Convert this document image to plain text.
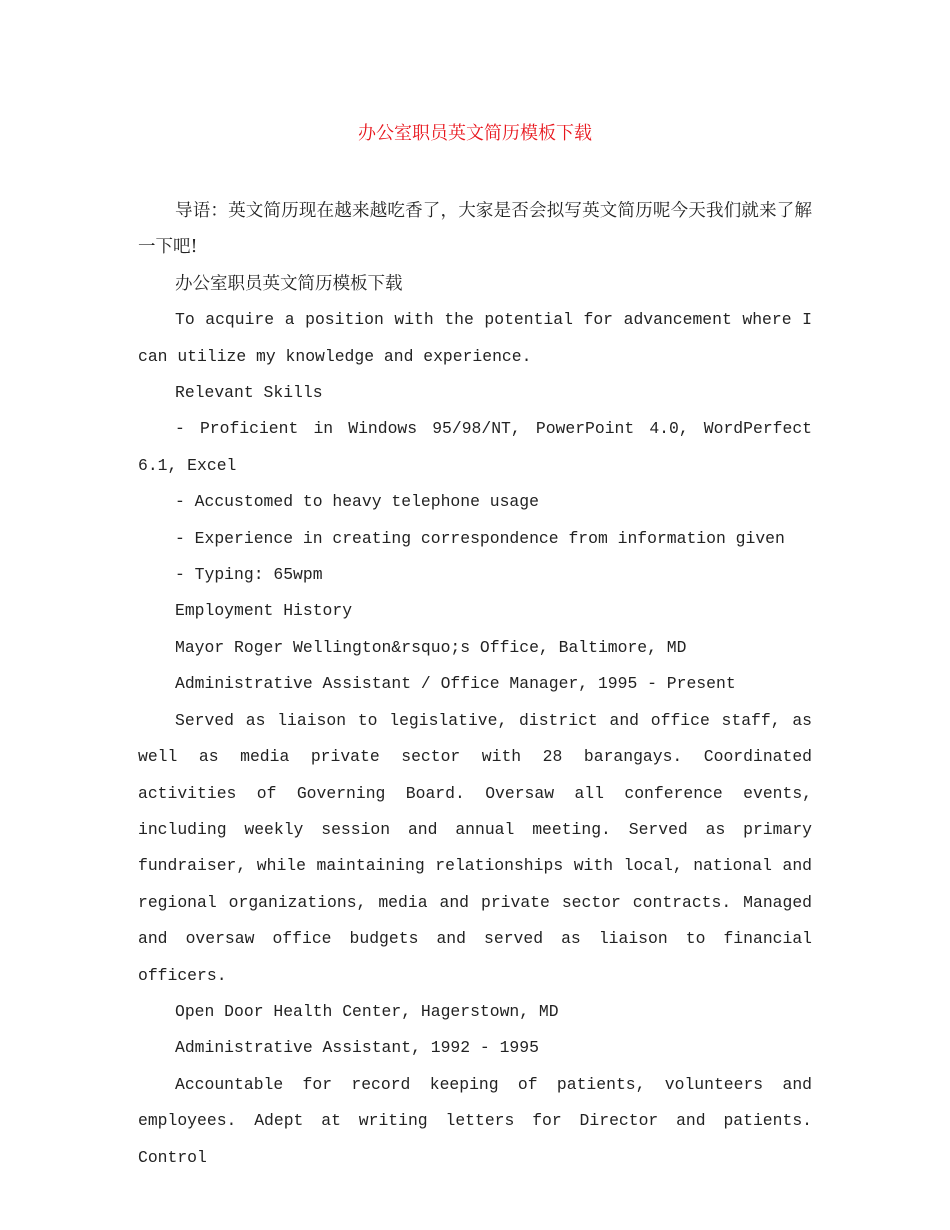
办公室职员英文简历模板下载

导语：英文简历现在越来越吃香了，大家是否会拟写英文简历呢今天我们就来了解一下吧!

办公室职员英文简历模板下载

To acquire a position with the potential for advancement where I can utilize my knowledge and experience.

Relevant Skills

- Proficient in Windows 95/98/NT, PowerPoint 4.0, WordPerfect 6.1, Excel

- Accustomed to heavy telephone usage

- Experience in creating correspondence from information given

- Typing: 65wpm

Employment History

Mayor Roger Wellington&rsquo;s Office, Baltimore, MD

Administrative Assistant / Office Manager, 1995 - Present

Served as liaison to legislative, district and office staff, as well as media private sector with 28 barangays. Coordinated activities of Governing Board. Oversaw all conference events, including weekly session and annual meeting. Served as primary fundraiser, while maintaining relationships with local, national and regional organizations, media and private sector contracts. Managed and oversaw office budgets and served as liaison to financial officers.

Open Door Health Center, Hagerstown, MD

Administrative Assistant, 1992 - 1995

Accountable for record keeping of patients, volunteers and employees. Adept at writing letters for Director and patients. Control
